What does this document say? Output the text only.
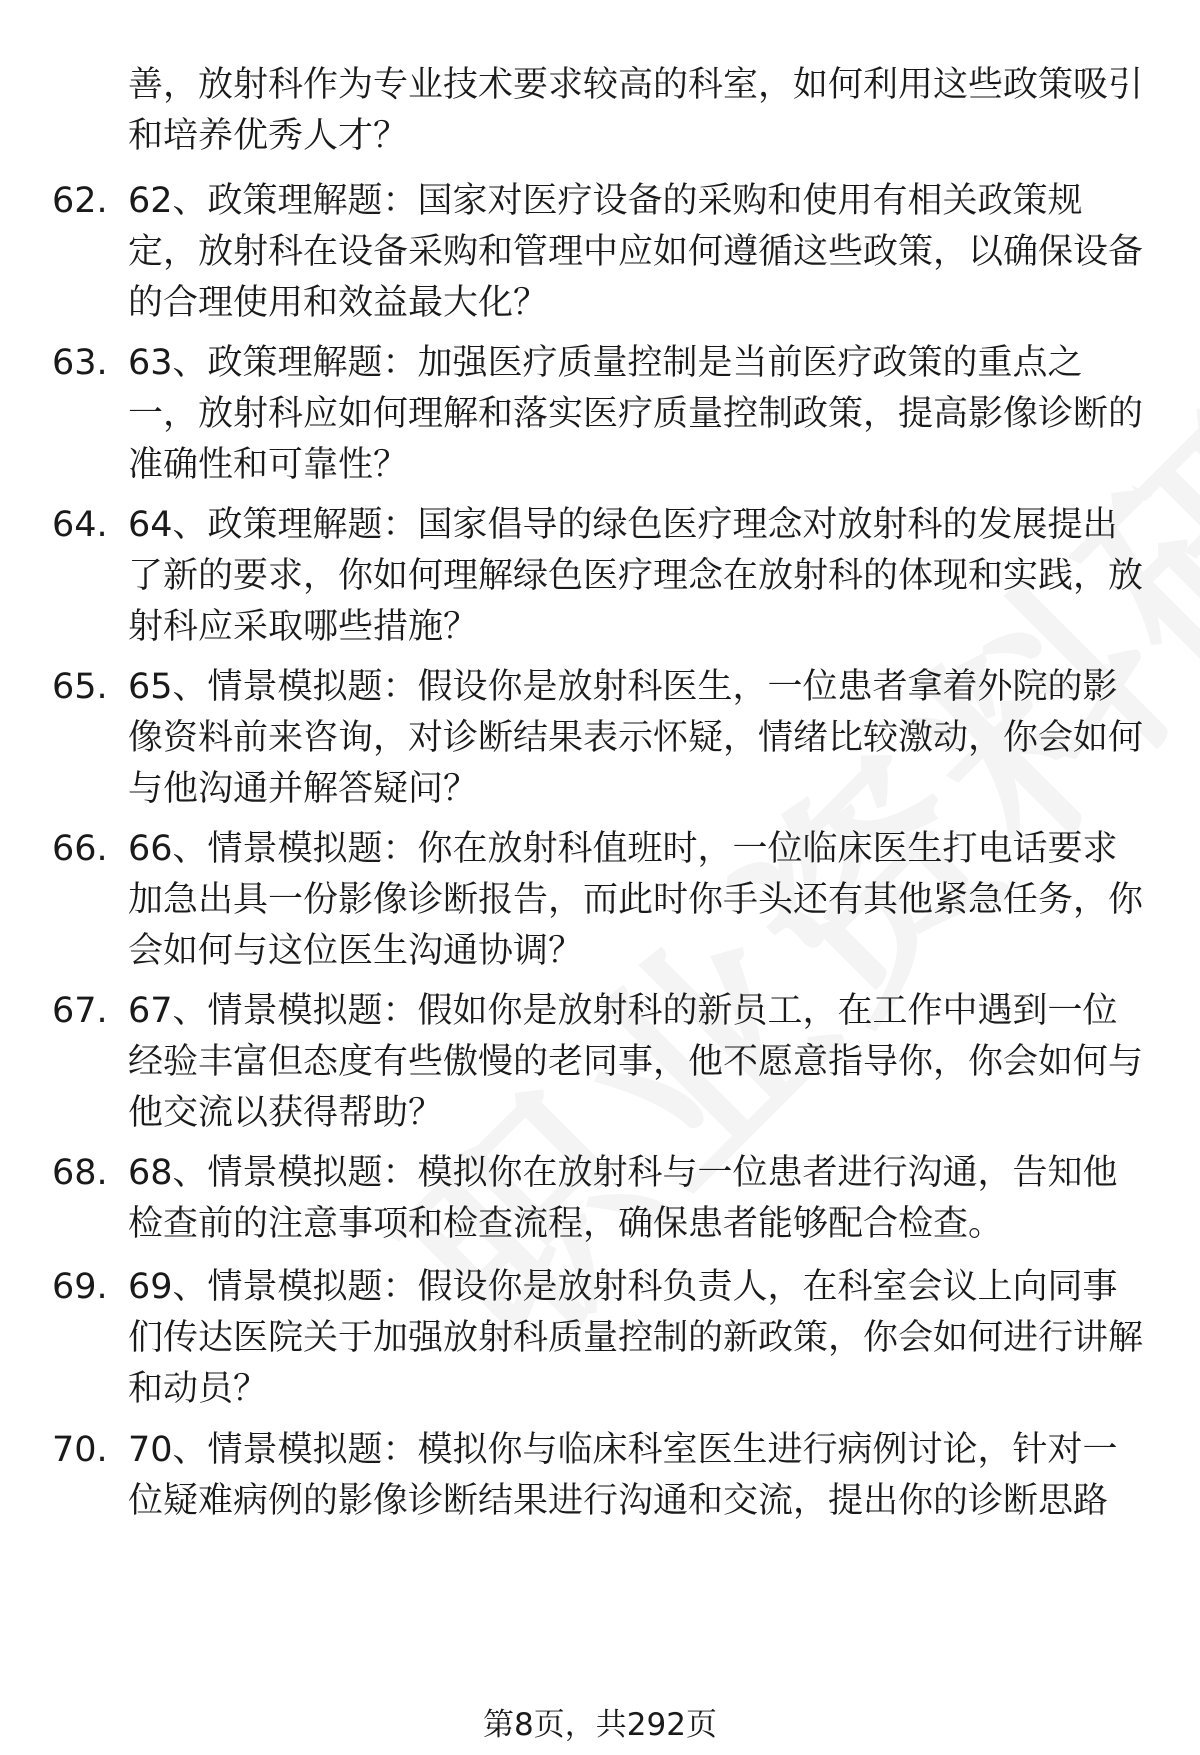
善，放射科作为专业技术要求较高的科室，如何利用这些政策吸引和培养优秀人才？
62. 62、政策理解题：国家对医疗设备的采购和使用有相关政策规定，放射科在设备采购和管理中应如何遵循这些政策，以确保设备的合理使用和效益最大化？
63. 63、政策理解题：加强医疗质量控制是当前医疗政策的重点之一，放射科应如何理解和落实医疗质量控制政策，提高影像诊断的准确性和可靠性？
64. 64、政策理解题：国家倡导的绿色医疗理念对放射科的发展提出了新的要求，你如何理解绿色医疗理念在放射科的体现和实践，放射科应采取哪些措施？
65. 65、情景模拟题：假设你是放射科医生，一位患者拿着外院的影像资料前来咨询，对诊断结果表示怀疑，情绪比较激动，你会如何与他沟通并解答疑问？
66. 66、情景模拟题：你在放射科值班时，一位临床医生打电话要求加急出具一份影像诊断报告，而此时你手头还有其他紧急任务，你会如何与这位医生沟通协调？
67. 67、情景模拟题：假如你是放射科的新员工，在工作中遇到一位经验丰富但态度有些傲慢的老同事，他不愿意指导你，你会如何与他交流以获得帮助？
68. 68、情景模拟题：模拟你在放射科与一位患者进行沟通，告知他检查前的注意事项和检查流程，确保患者能够配合检查。
69. 69、情景模拟题：假设你是放射科负责人，在科室会议上向同事们传达医院关于加强放射科质量控制的新政策，你会如何进行讲解和动员？
70. 70、情景模拟题：模拟你与临床科室医生进行病例讨论，针对一位疑难病例的影像诊断结果进行沟通和交流，提出你的诊断思路
第8页，共292页
